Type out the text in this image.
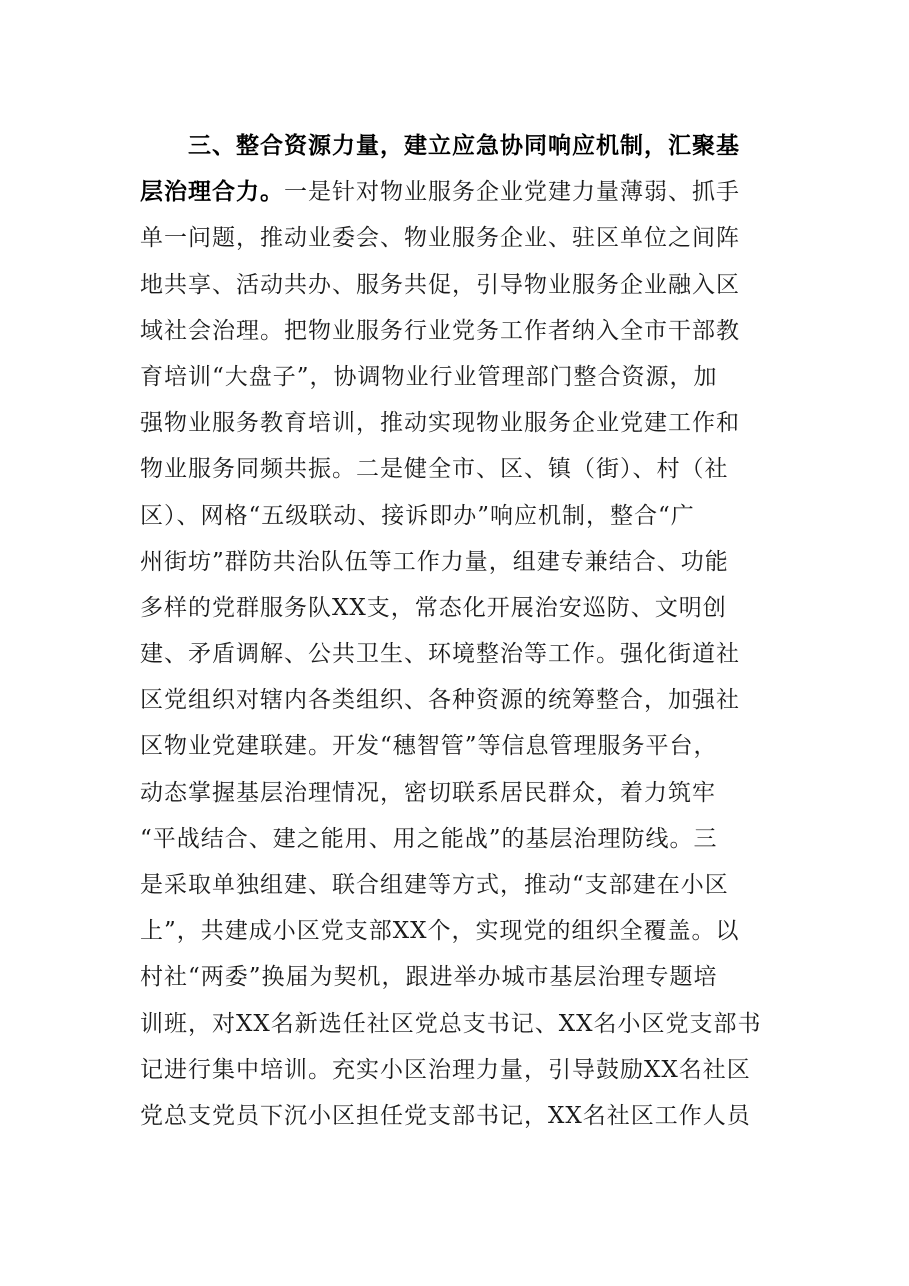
三、整合资源力量，建立应急协同响应机制，汇聚基
层治理合力。一是针对物业服务企业党建力量薄弱、抓手
单一问题，推动业委会、物业服务企业、驻区单位之间阵
地共享、活动共办、服务共促，引导物业服务企业融入区
域社会治理。把物业服务行业党务工作者纳入全市干部教
育培训“大盘子”，协调物业行业管理部门整合资源，加
强物业服务教育培训，推动实现物业服务企业党建工作和
物业服务同频共振。二是健全市、区、镇（街）、村（社
区）、网格“五级联动、接诉即办”响应机制，整合“广
州街坊”群防共治队伍等工作力量，组建专兼结合、功能
多样的党群服务队XX支，常态化开展治安巡防、文明创
建、矛盾调解、公共卫生、环境整治等工作。强化街道社
区党组织对辖内各类组织、各种资源的统筹整合，加强社
区物业党建联建。开发“穗智管”等信息管理服务平台，
动态掌握基层治理情况，密切联系居民群众，着力筑牢
“平战结合、建之能用、用之能战”的基层治理防线。三
是采取单独组建、联合组建等方式，推动“支部建在小区
上”，共建成小区党支部XX个，实现党的组织全覆盖。以
村社“两委”换届为契机，跟进举办城市基层治理专题培
训班，对XX名新选任社区党总支书记、XX名小区党支部书
记进行集中培训。充实小区治理力量，引导鼓励XX名社区
党总支党员下沉小区担任党支部书记，XX名社区工作人员
